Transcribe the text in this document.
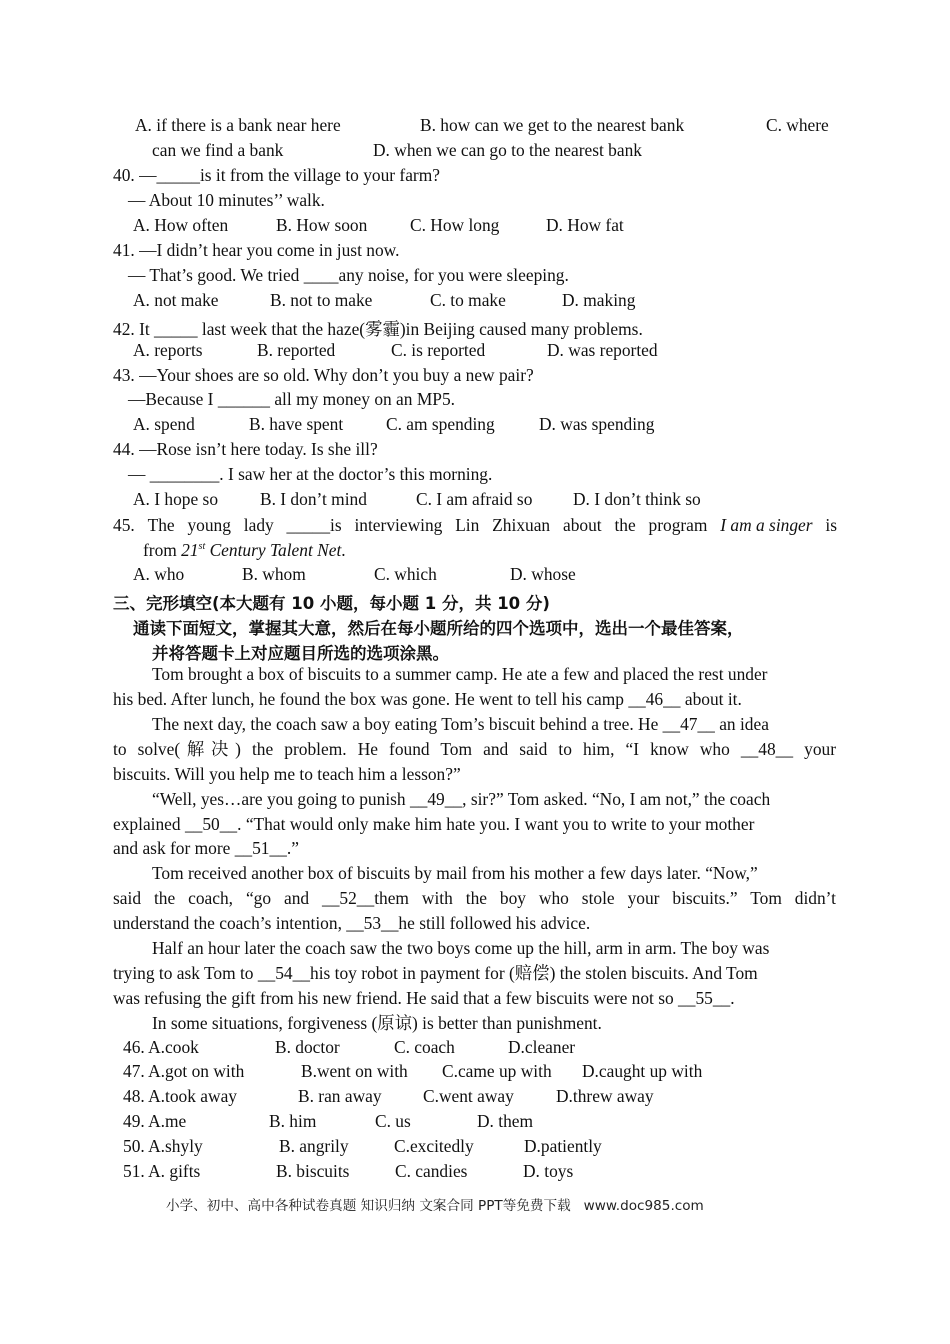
A. if there is a bank near here	B. how can we get to the nearest bank	C. where
can we find a bank	D. when we can go to the nearest bank
40. —_____is it from the village to your farm?
— About 10 minutes’’ walk.
A. How often	B. How soon C. How long	D. How fat
41. —I didn’t hear you come in just now.
— That’s good. We tried ____any noise, for you were sleeping.
A. not make	B. not to make	C. to make	D. making
42. It _____ last week that the haze(雾霾)in Beijing caused many problems.
A. reports	B. reported	C. is reported	D. was reported
43. —Your shoes are so old. Why don’t you buy a new pair?
—Because I ______ all my money on an MP5.
A. spend	B. have spent C. am spending	D. was spending
44. —Rose isn’t here today. Is she ill?
— ________. I saw her at the doctor’s this morning.
A. I hope so B. I don’t mind	C. I am afraid so D. I don’t think so
45. The young lady _____is interviewing Lin Zhixuan about the program I am a singer is
from 21st Century Talent Net.
A. who	B. whom	C. which	D. whose
三、完形填空(本大题有 10 小题，每小题 1 分，共 10 分)
通读下面短文，掌握其大意，然后在每小题所给的四个选项中，选出一个最佳答案，
并将答题卡上对应题目所选的选项涂黑。
Tom brought a box of biscuits to a summer camp. He ate a few and placed the rest under
his bed. After lunch, he found the box was gone. He went to tell his camp __46__ about it.
The next day, the coach saw a boy eating Tom’s biscuit behind a tree. He __47__ an idea
to solve(解决) the problem. He found Tom and said to him, “I know who __48__ your
biscuits. Will you help me to teach him a lesson?”
“Well, yes…are you going to punish __49__, sir?” Tom asked. “No, I am not,” the coach
explained __50__. “That would only make him hate you. I want you to write to your mother
and ask for more __51__.”
Tom received another box of biscuits by mail from his mother a few days later. “Now,”
said the coach, “go and __52__them with the boy who stole your biscuits.” Tom didn’t
understand the coach’s intention, __53__he still followed his advice.
Half an hour later the coach saw the two boys come up the hill, arm in arm. The boy was
trying to ask Tom to __54__his toy robot in payment for (赔偿) the stolen biscuits. And Tom
was refusing the gift from his new friend. He said that a few biscuits were not so __55__.
In some situations, forgiveness (原谅) is better than punishment.
46. A.cook	B. doctor	C. coach	D.cleaner
47. A.got on with	B.went on with C.came up with D.caught up with
48. A.took away	B. ran away C.went away D.threw away
49. A.me	B. him	C. us	D. them
50. A.shyly	B. angrily	C.excitedly	D.patiently
51. A. gifts	B. biscuits	C. candies	D. toys
小学、初中、高中各种试卷真题 知识归纳 文案合同 PPT等免费下载   www.doc985.com
